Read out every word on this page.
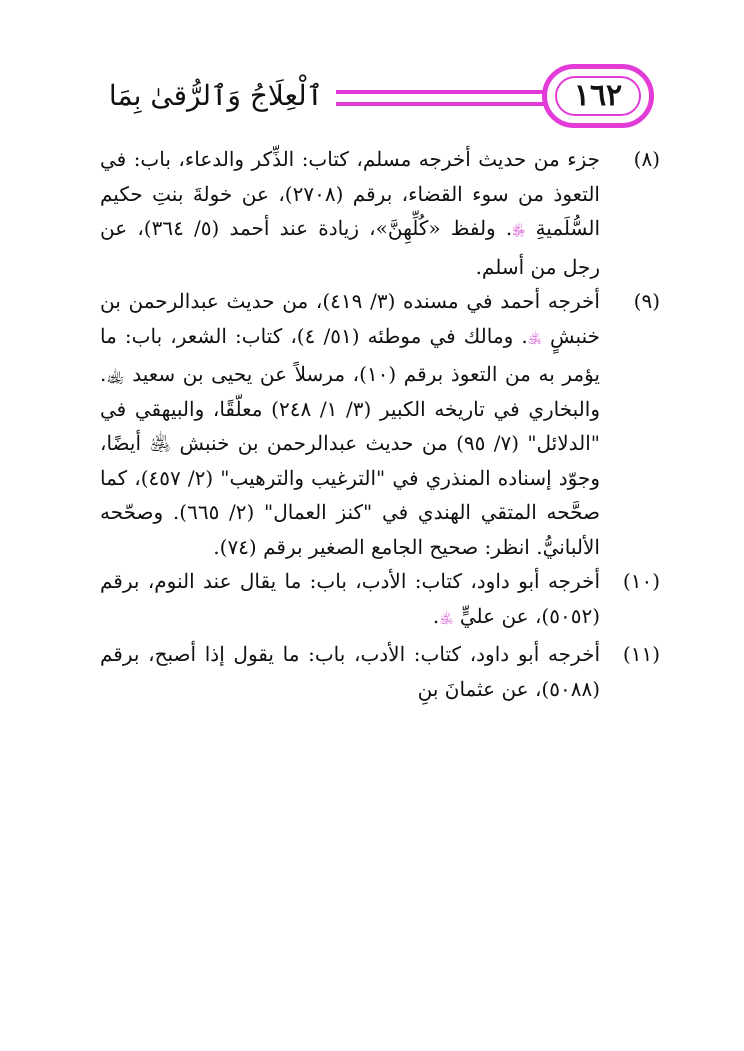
ٱلْعِلَاجُ وَٱلرُّقىٰ بِمَا	١٦٢
(٨)
جزء من حديث أخرجه مسلم، كتاب: الذِّكر والدعاء، باب: في التعوذ من سوء القضاء، برقم (٢٧٠٨)، عن خولةَ بنتِ حكيم السُّلَميةِ ﵂. ولفظ «كُلِّهِنَّ»، زيادة عند أحمد (٥/ ٣٦٤)، عن رجل من أسلم.
(٩)
أخرجه أحمد في مسنده (٣/ ٤١٩)، من حديث عبدالرحمن بن خنبشٍ ﵁. ومالك في موطئه (٥١/ ٤)، كتاب: الشعر، باب: ما يؤمر به من التعوذ برقم (١٠)، مرسلاً عن يحيى بن سعيد ﵀. والبخاري في تاريخه الكبير (٣/ ١/ ٢٤٨) معلّقًا، والبيهقي في "الدلائل" (٧/ ٩٥) من حديث عبدالرحمن بن خنبش ﵁ أيضًا، وجوّد إسناده المنذري في "الترغيب والترهيب" (٢/ ٤٥٧)، كما صحَّحه المتقي الهندي في "كنز العمال" (٢/ ٦٦٥). وصحّحه الألبانيُّ. انظر: صحيح الجامع الصغير برقم (٧٤).
(١٠)
أخرجه أبو داود، كتاب: الأدب، باب: ما يقال عند النوم، برقم (٥٠٥٢)، عن عليٍّ ﵁.
(١١)
أخرجه أبو داود، كتاب: الأدب، باب: ما يقول إذا أصبح، برقم (٥٠٨٨)، عن عثمانَ بنِ
